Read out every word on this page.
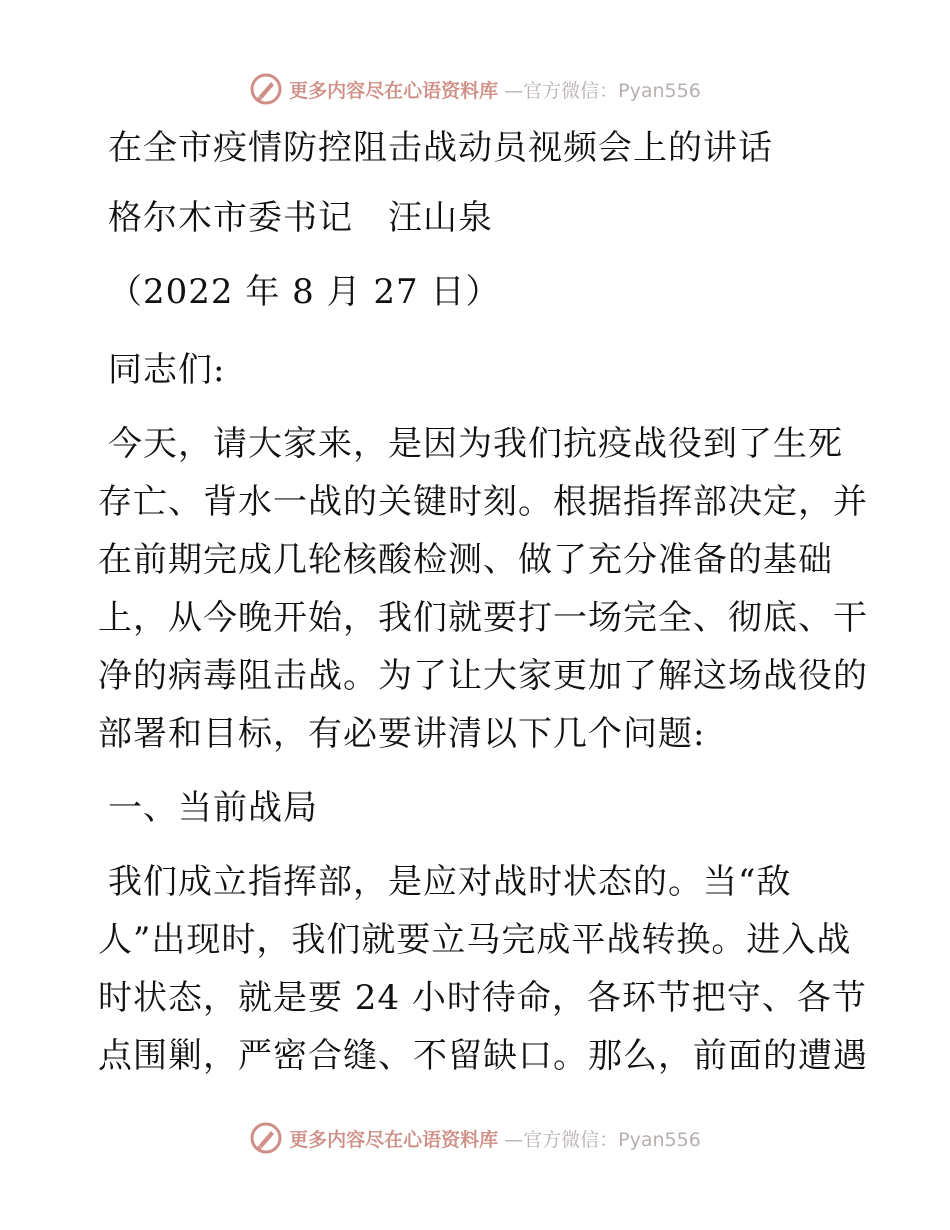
更多内容尽在心语资料库 —官方微信：Pyan556
在全市疫情防控阻击战动员视频会上的讲话
格尔木市委书记　汪山泉
（2022 年 8 月 27 日）
同志们:
今天，请大家来，是因为我们抗疫战役到了生死
存亡、背水一战的关键时刻。根据指挥部决定，并
在前期完成几轮核酸检测、做了充分准备的基础
上，从今晚开始，我们就要打一场完全、彻底、干
净的病毒阻击战。为了让大家更加了解这场战役的
部署和目标，有必要讲清以下几个问题:
一、当前战局
我们成立指挥部，是应对战时状态的。当“敌
人”出现时，我们就要立马完成平战转换。进入战
时状态，就是要 24 小时待命，各环节把守、各节
点围剿，严密合缝、不留缺口。那么，前面的遭遇
更多内容尽在心语资料库 —官方微信：Pyan556
